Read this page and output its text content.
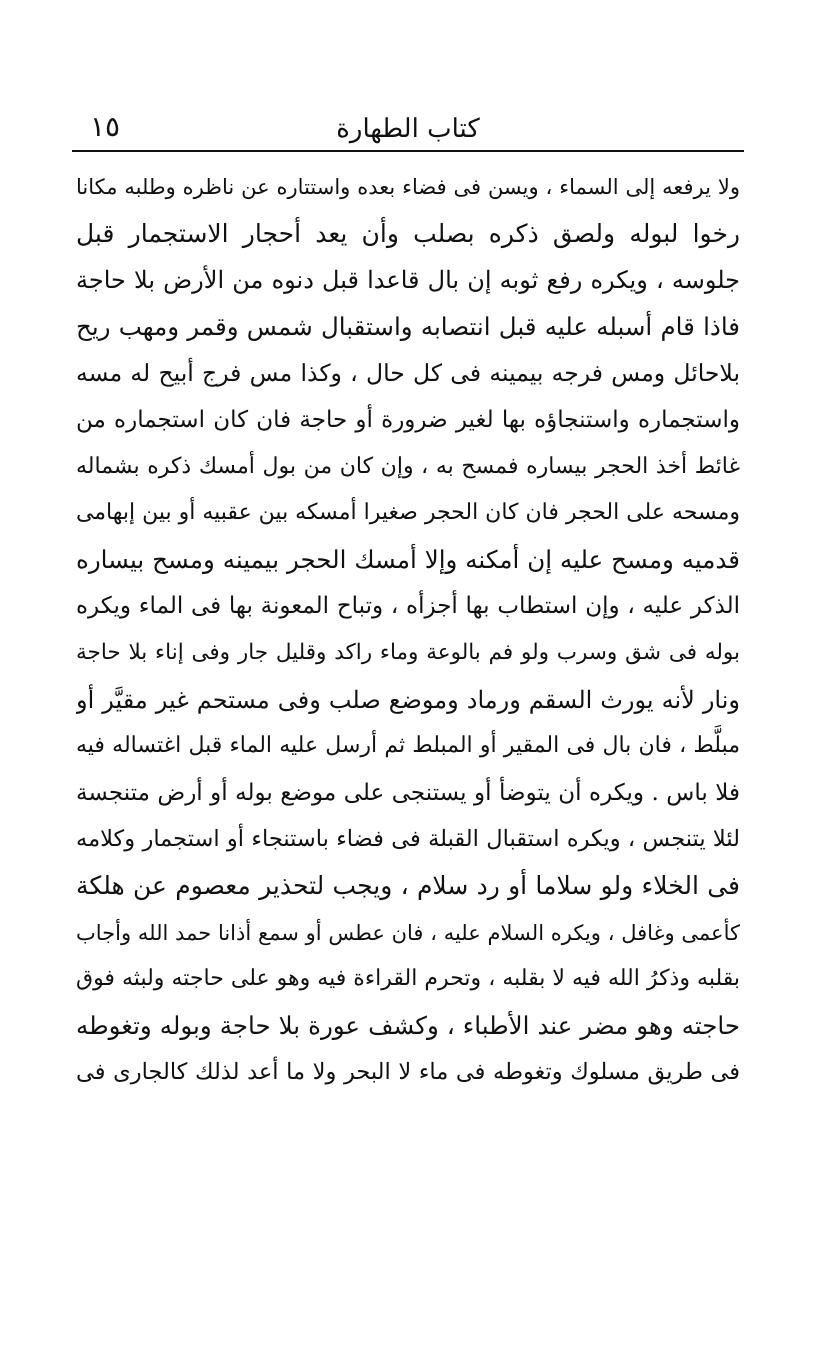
كتاب الطهارة
١٥
ولا يرفعه إلى السماء ، ويسن فى فضاء بعده واستتاره عن ناظره وطلبه مكانا
رخوا لبوله ولصق ذكره بصلب وأن يعد أحجار الاستجمار قبل
جلوسه ، ويكره رفع ثوبه إن بال قاعدا قبل دنوه من الأرض بلا حاجة
فاذا قام أسبله عليه قبل انتصابه واستقبال شمس وقمر ومهب ريح
بلاحائل ومس فرجه بيمينه فى كل حال ، وكذا مس فرج أبيح له مسه
واستجماره واستنجاؤه بها لغير ضرورة أو حاجة فان كان استجماره من
غائط أخذ الحجر بيساره فمسح به ، وإن كان من بول أمسك ذكره بشماله
ومسحه على الحجر فان كان الحجر صغيرا أمسكه بين عقبيه أو بين إبهامى
قدميه ومسح عليه إن أمكنه وإلا أمسك الحجر بيمينه ومسح بيساره
الذكر عليه ، وإن استطاب بها أجزأه ، وتباح المعونة بها فى الماء ويكره
بوله فى شق وسرب ولو فم بالوعة وماء راكد وقليل جار وفى إناء بلا حاجة
ونار لأنه يورث السقم ورماد وموضع صلب وفى مستحم غير مقيَّر أو
مبلَّط ، فان بال فى المقير أو المبلط ثم أرسل عليه الماء قبل اغتساله فيه
فلا باس . ويكره أن يتوضأ أو يستنجى على موضع بوله أو أرض متنجسة
لئلا يتنجس ، ويكره استقبال القبلة فى فضاء باستنجاء أو استجمار وكلامه
فى الخلاء ولو سلاما أو رد سلام ، ويجب لتحذير معصوم عن هلكة
كأعمى وغافل ، ويكره السلام عليه ، فان عطس أو سمع أذانا حمد الله وأجاب
بقلبه وذكرُ الله فيه لا بقلبه ، وتحرم القراءة فيه وهو على حاجته ولبثه فوق
حاجته وهو مضر عند الأطباء ، وكشف عورة بلا حاجة وبوله وتغوطه
فى طريق مسلوك وتغوطه فى ماء لا البحر ولا ما أعد لذلك كالجارى فى
